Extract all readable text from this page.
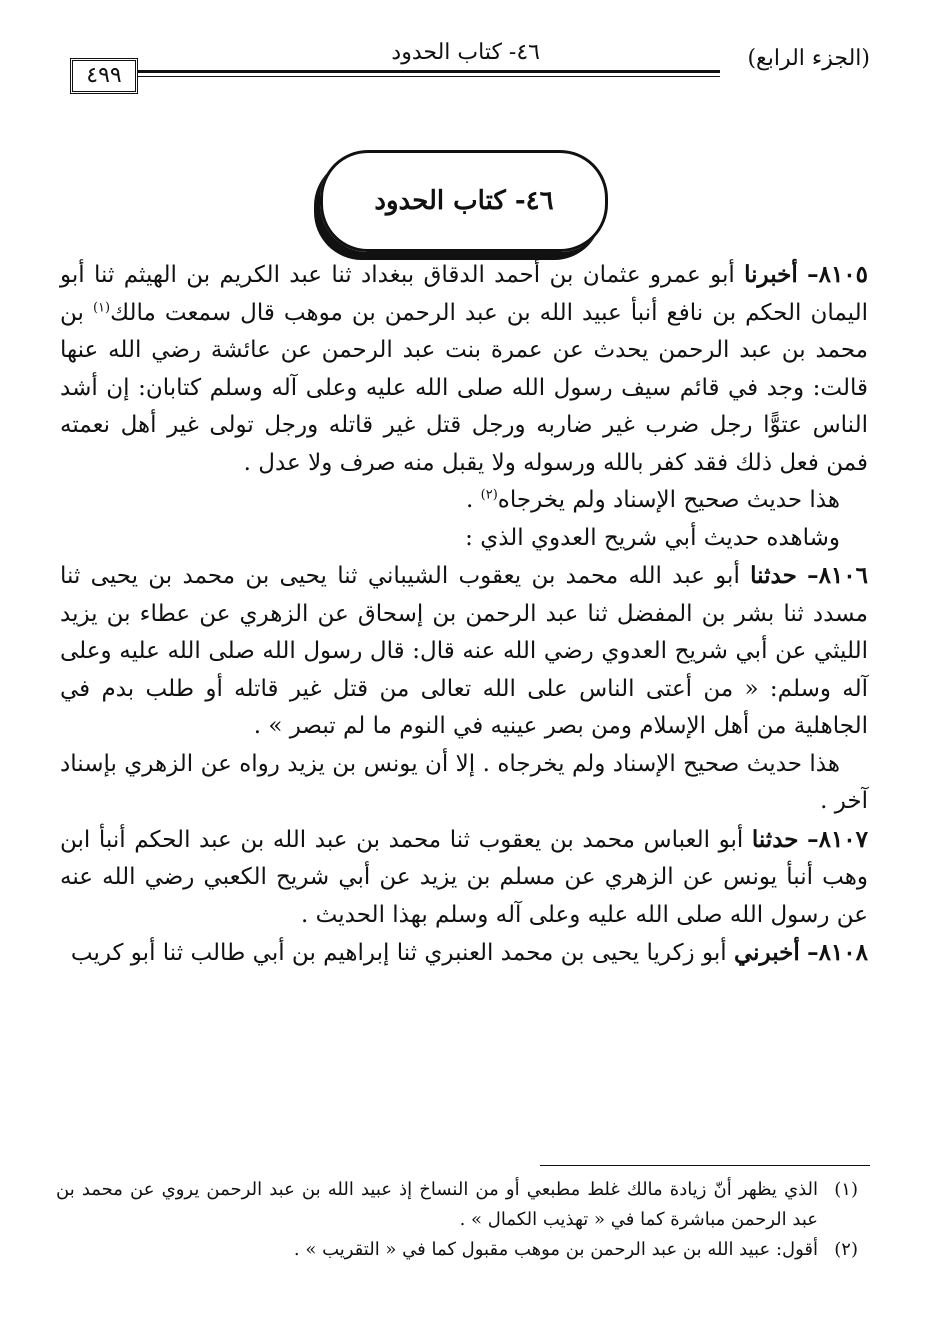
(الجزء الرابع)
٤٦- كتاب الحدود
٤٩٩
٤٦- كتاب الحدود

٨١٠٥– أخبرنا أبو عمرو عثمان بن أحمد الدقاق ببغداد ثنا عبد الكريم بن الهيثم ثنا أبو اليمان الحكم بن نافع أنبأ عبيد الله بن عبد الرحمن بن موهب قال سمعت مالك$^{(١)}$ بن محمد بن عبد الرحمن يحدث عن عمرة بنت عبد الرحمن عن عائشة رضي الله عنها قالت: وجد في قائم سيف رسول الله صلى الله عليه وعلى آله وسلم كتابان: إن أشد الناس عتوًّا رجل ضرب غير ضاربه ورجل قتل غير قاتله ورجل تولى غير أهل نعمته فمن فعل ذلك فقد كفر بالله ورسوله ولا يقبل منه صرف ولا عدل .

هذا حديث صحيح الإسناد ولم يخرجاه$^{(٢)}$ .

وشاهده حديث أبي شريح العدوي الذي :

٨١٠٦– حدثنا أبو عبد الله محمد بن يعقوب الشيباني ثنا يحيى بن محمد بن يحيى ثنا مسدد ثنا بشر بن المفضل ثنا عبد الرحمن بن إسحاق عن الزهري عن عطاء بن يزيد الليثي عن أبي شريح العدوي رضي الله عنه قال: قال رسول الله صلى الله عليه وعلى آله وسلم: « من أعتى الناس على الله تعالى من قتل غير قاتله أو طلب بدم في الجاهلية من أهل الإسلام ومن بصر عينيه في النوم ما لم تبصر » .

هذا حديث صحيح الإسناد ولم يخرجاه . إلا أن يونس بن يزيد رواه عن الزهري بإسناد آخر .

٨١٠٧– حدثنا أبو العباس محمد بن يعقوب ثنا محمد بن عبد الله بن عبد الحكم أنبأ ابن وهب أنبأ يونس عن الزهري عن مسلم بن يزيد عن أبي شريح الكعبي رضي الله عنه عن رسول الله صلى الله عليه وعلى آله وسلم بهذا الحديث .

٨١٠٨– أخبرني أبو زكريا يحيى بن محمد العنبري ثنا إبراهيم بن أبي طالب ثنا أبو كريب

(١)
الذي يظهر أنّ زيادة مالك غلط مطبعي أو من النساخ إذ عبيد الله بن عبد الرحمن يروي عن محمد بن عبد الرحمن مباشرة كما في « تهذيب الكمال » .

(٢)
أقول: عبيد الله بن عبد الرحمن بن موهب مقبول كما في « التقريب » .
